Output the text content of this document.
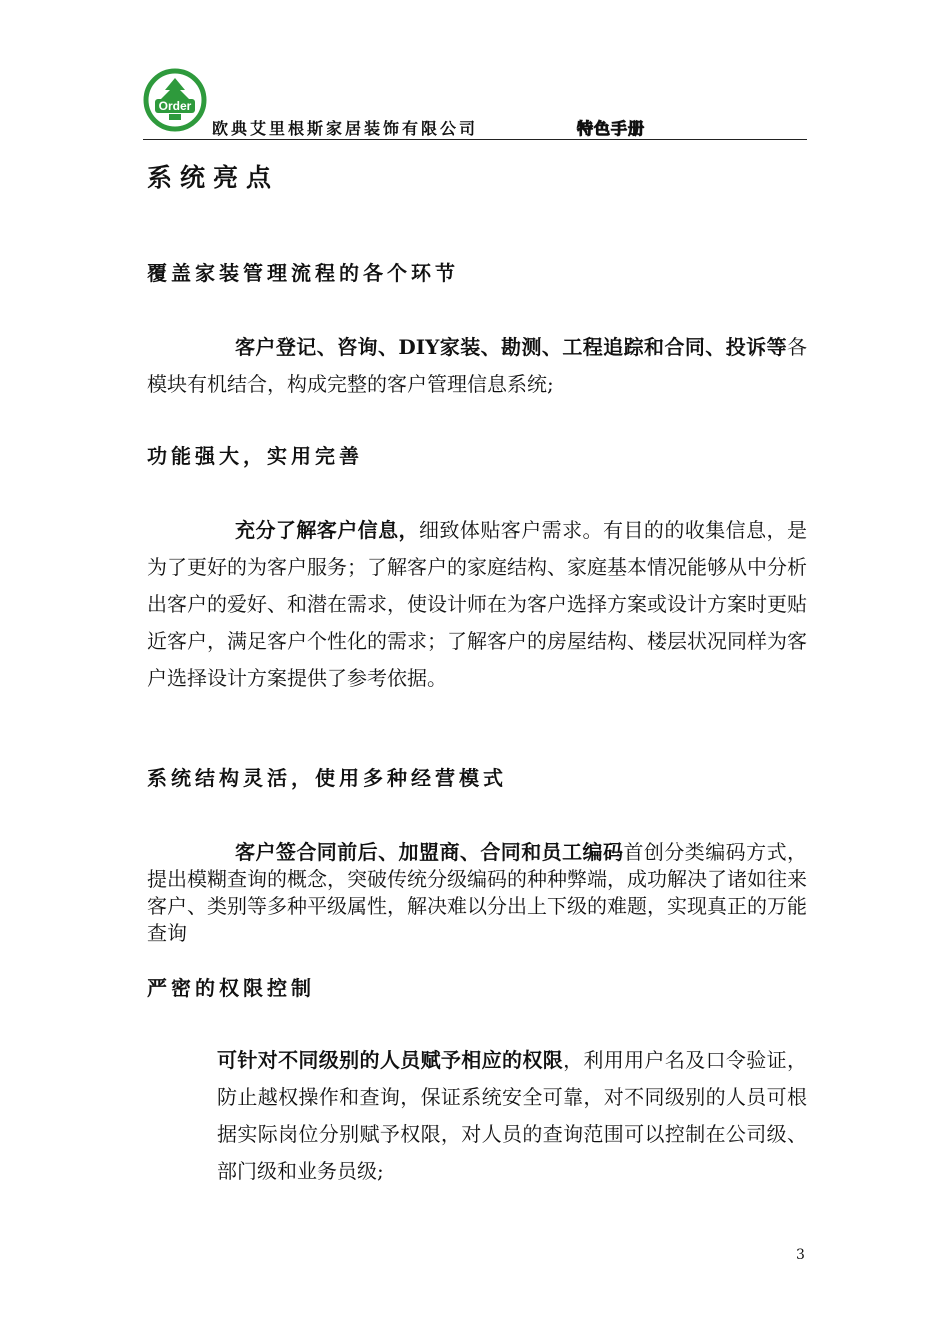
Order
欧典艾里根斯家居装饰有限公司	特色手册
系统亮点
覆盖家装管理流程的各个环节
客户登记、咨询、DIY家装、勘测、工程追踪和合同、投诉等各模块有机结合，构成完整的客户管理信息系统;
功能强大，实用完善
充分了解客户信息，细致体贴客户需求。有目的的收集信息，是为了更好的为客户服务；了解客户的家庭结构、家庭基本情况能够从中分析出客户的爱好、和潜在需求，使设计师在为客户选择方案或设计方案时更贴近客户，满足客户个性化的需求；了解客户的房屋结构、楼层状况同样为客户选择设计方案提供了参考依据。
系统结构灵活，使用多种经营模式
客户签合同前后、加盟商、合同和员工编码首创分类编码方式，提出模糊查询的概念，突破传统分级编码的种种弊端，成功解决了诸如往来客户、类别等多种平级属性，解决难以分出上下级的难题，实现真正的万能查询
严密的权限控制
可针对不同级别的人员赋予相应的权限，利用用户名及口令验证，防止越权操作和查询，保证系统安全可靠，对不同级别的人员可根据实际岗位分别赋予权限，对人员的查询范围可以控制在公司级、部门级和业务员级;
3
